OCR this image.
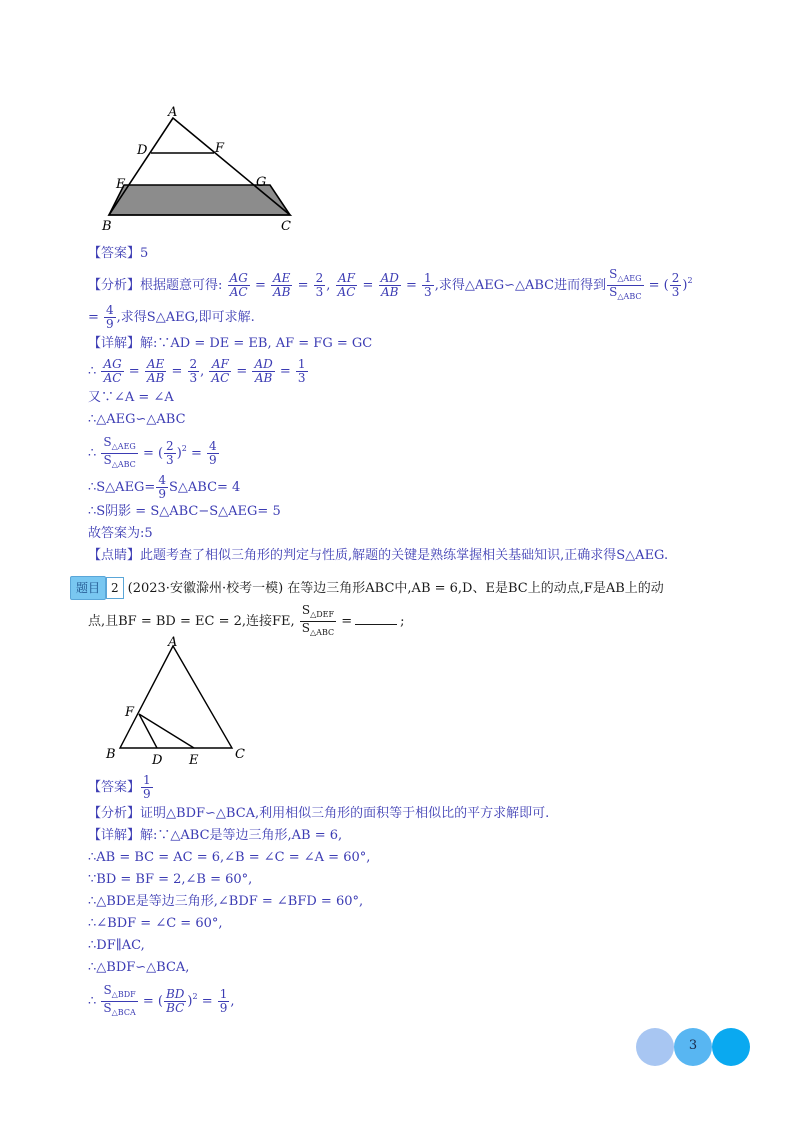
A
D	F
E	G
B	C
【答案】5
【分析】根据题意可得: $\frac{AG}{AC} = \frac{AE}{AB} = \frac{2}{3}$ , $\frac{AF}{AC} = \frac{AD}{AB} = \frac{1}{3}$ ,求得△AEG∽△ABC进而得到 $\frac{S_{\triangle AEG}}{S_{\triangle ABC}}$ = ( $\frac{2}{3} )^2$
= $\frac{4}{9}$ ,求得S△AEG,即可求解.
【详解】解:∵AD = DE = EB, AF = FG = GC
∴ $\frac{AG}{AC} = \frac{AE}{AB} = \frac{2}{3}$ , $\frac{AF}{AC} = \frac{AD}{AB} = \frac{1}{3}$
又∵∠A = ∠A
∴△AEG∽△ABC
∴ $\frac{S_{\triangle AEG}}{S_{\triangle ABC}}$ = ( $\frac{2}{3} )^2 = \frac{4}{9}$
∴S△AEG= $\frac{4}{9}$ S△ABC= 4
∴S阴影 = S△ABC−S△AEG= 5
故答案为:5
【点睛】此题考查了相似三角形的判定与性质,解题的关键是熟练掌握相关基础知识,正确求得S△AEG.
题目 2 (2023·安徽滁州·校考一模) 在等边三角形ABC中,AB = 6,D、E是BC上的动点,F是AB上的动
点,且BF = BD = EC = 2,连接FE, $\frac{S_{\triangle DEF}}{S_{\triangle ABC}}$ =	;
A
F
B	D E	C
【答案】 $\frac{1}{9}$
【分析】证明△BDF∽△BCA,利用相似三角形的面积等于相似比的平方求解即可.
【详解】解:∵△ABC是等边三角形,AB = 6,
∴AB = BC = AC = 6,∠B = ∠C = ∠A = 60°,
∵BD = BF = 2,∠B = 60°,
∴△BDE是等边三角形,∠BDF = ∠BFD = 60°,
∴∠BDF = ∠C = 60°,
∴DF∥AC,
∴△BDF∽△BCA,
∴ $\frac{S_{\triangle BDF}}{S_{\triangle BCA}}$ = ( $\frac{BD}{BC} )^2 = \frac{1}{9}$ ,
3
